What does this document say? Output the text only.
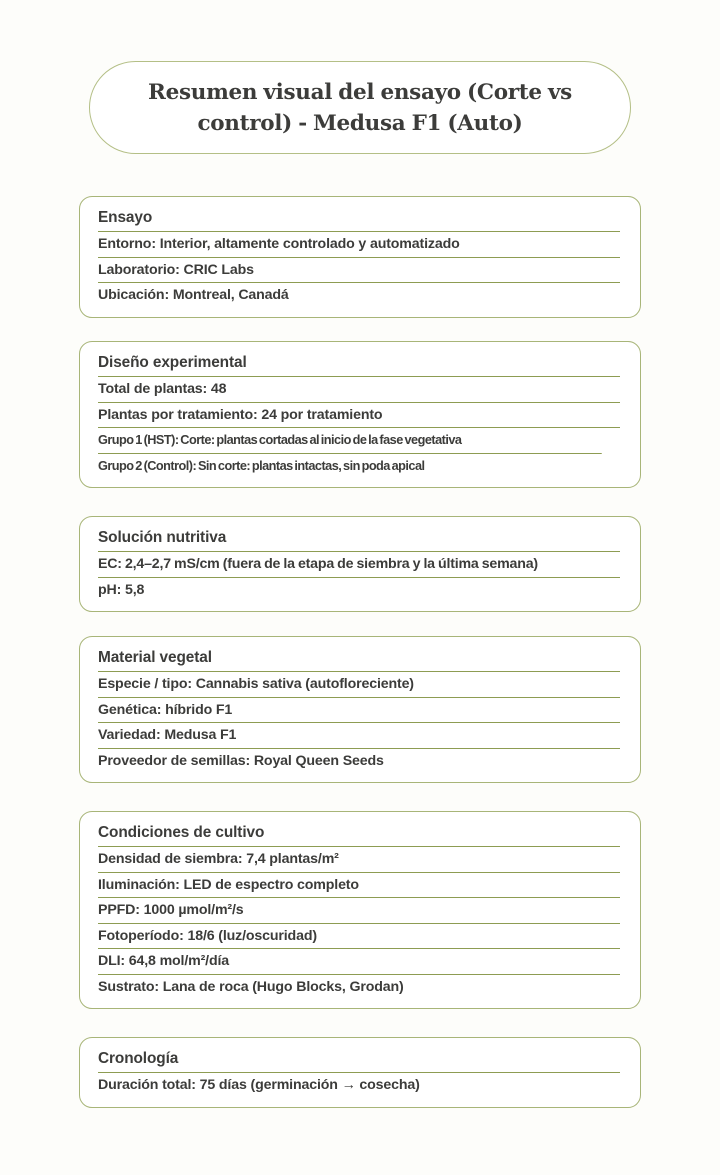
Resumen visual del ensayo (Corte vs control) - Medusa F1 (Auto)
Ensayo
Entorno: Interior, altamente controlado y automatizado
Laboratorio: CRIC Labs
Ubicación: Montreal, Canadá
Diseño experimental
Total de plantas: 48
Plantas por tratamiento: 24 por tratamiento
Grupo 1 (HST): Corte: plantas cortadas al inicio de la fase vegetativa
Grupo 2 (Control): Sin corte: plantas intactas, sin poda apical
Solución nutritiva
EC: 2,4–2,7 mS/cm (fuera de la etapa de siembra y la última semana)
pH: 5,8
Material vegetal
Especie / tipo: Cannabis sativa (autofloreciente)
Genética: híbrido F1
Variedad: Medusa F1
Proveedor de semillas: Royal Queen Seeds
Condiciones de cultivo
Densidad de siembra: 7,4 plantas/m²
Iluminación: LED de espectro completo
PPFD: 1000 µmol/m²/s
Fotoperíodo: 18/6 (luz/oscuridad)
DLI: 64,8 mol/m²/día
Sustrato: Lana de roca (Hugo Blocks, Grodan)
Cronología
Duración total: 75 días (germinación → cosecha)
